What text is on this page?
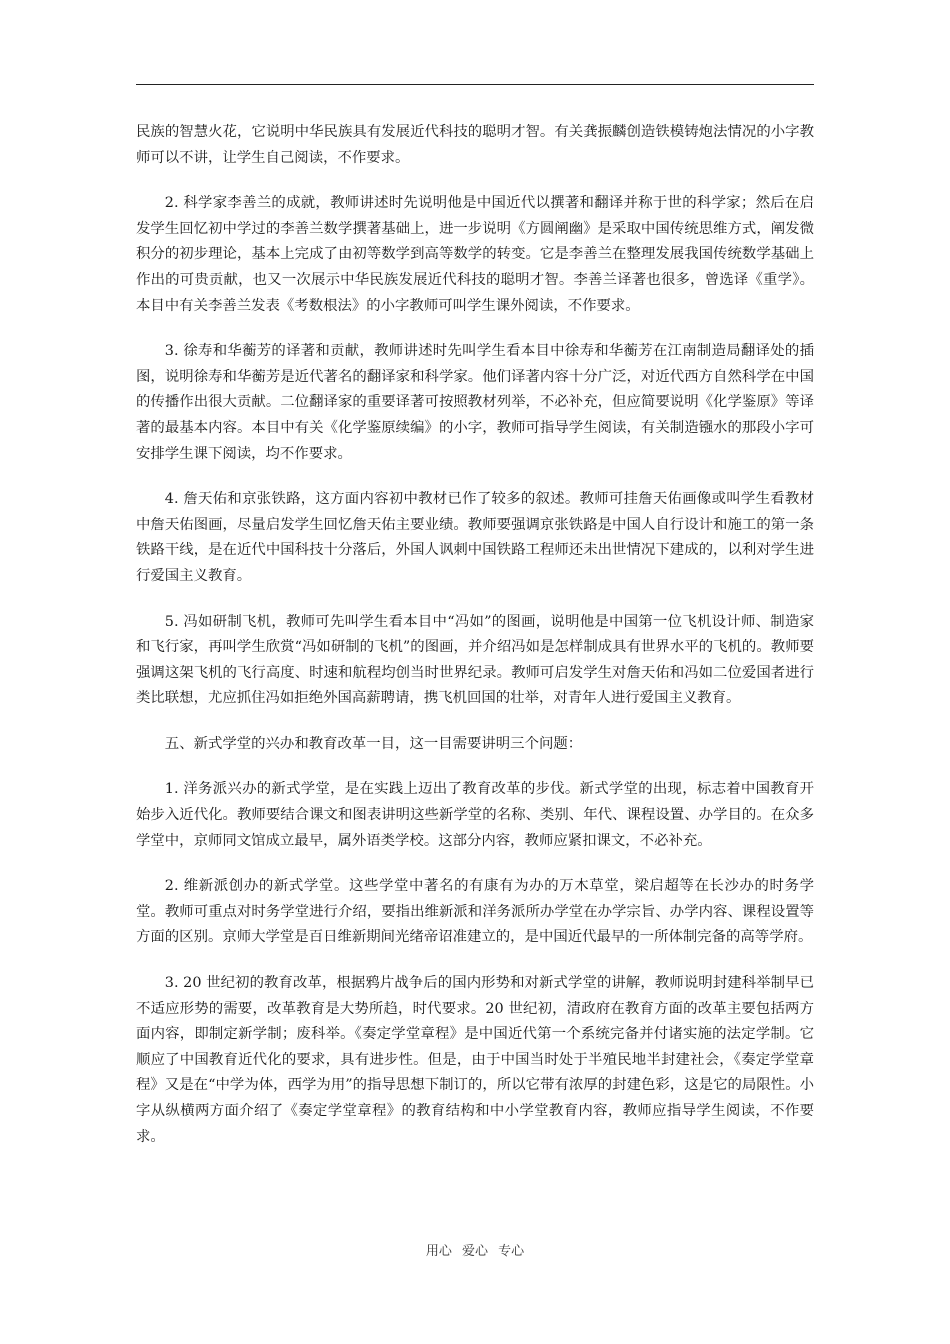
民族的智慧火花，它说明中华民族具有发展近代科技的聪明才智。有关龚振麟创造铁模铸炮法情况的小字教师可以不讲，让学生自己阅读，不作要求。

2. 科学家李善兰的成就，教师讲述时先说明他是中国近代以撰著和翻译并称于世的科学家；然后在启发学生回忆初中学过的李善兰数学撰著基础上，进一步说明《方圆阐幽》是采取中国传统思维方式，阐发微积分的初步理论，基本上完成了由初等数学到高等数学的转变。它是李善兰在整理发展我国传统数学基础上作出的可贵贡献，也又一次展示中华民族发展近代科技的聪明才智。李善兰译著也很多，曾选译《重学》。本目中有关李善兰发表《考数根法》的小字教师可叫学生课外阅读，不作要求。

3. 徐寿和华蘅芳的译著和贡献，教师讲述时先叫学生看本目中徐寿和华蘅芳在江南制造局翻译处的插图，说明徐寿和华蘅芳是近代著名的翻译家和科学家。他们译著内容十分广泛，对近代西方自然科学在中国的传播作出很大贡献。二位翻译家的重要译著可按照教材列举，不必补充，但应简要说明《化学鉴原》等译著的最基本内容。本目中有关《化学鉴原续编》的小字，教师可指导学生阅读，有关制造镪水的那段小字可安排学生课下阅读，均不作要求。

4. 詹天佑和京张铁路，这方面内容初中教材已作了较多的叙述。教师可挂詹天佑画像或叫学生看教材中詹天佑图画，尽量启发学生回忆詹天佑主要业绩。教师要强调京张铁路是中国人自行设计和施工的第一条铁路干线，是在近代中国科技十分落后，外国人讽刺中国铁路工程师还未出世情况下建成的，以利对学生进行爱国主义教育。

5. 冯如研制飞机，教师可先叫学生看本目中“冯如”的图画，说明他是中国第一位飞机设计师、制造家和飞行家，再叫学生欣赏“冯如研制的飞机”的图画，并介绍冯如是怎样制成具有世界水平的飞机的。教师要强调这架飞机的飞行高度、时速和航程均创当时世界纪录。教师可启发学生对詹天佑和冯如二位爱国者进行类比联想，尤应抓住冯如拒绝外国高薪聘请，携飞机回国的壮举，对青年人进行爱国主义教育。

五、新式学堂的兴办和教育改革一目，这一目需要讲明三个问题：

1. 洋务派兴办的新式学堂，是在实践上迈出了教育改革的步伐。新式学堂的出现，标志着中国教育开始步入近代化。教师要结合课文和图表讲明这些新学堂的名称、类别、年代、课程设置、办学目的。在众多学堂中，京师同文馆成立最早，属外语类学校。这部分内容，教师应紧扣课文，不必补充。

2. 维新派创办的新式学堂。这些学堂中著名的有康有为办的万木草堂，梁启超等在长沙办的时务学堂。教师可重点对时务学堂进行介绍，要指出维新派和洋务派所办学堂在办学宗旨、办学内容、课程设置等方面的区别。京师大学堂是百日维新期间光绪帝诏准建立的，是中国近代最早的一所体制完备的高等学府。

3. 20 世纪初的教育改革，根据鸦片战争后的国内形势和对新式学堂的讲解，教师说明封建科举制早已不适应形势的需要，改革教育是大势所趋，时代要求。20 世纪初，清政府在教育方面的改革主要包括两方面内容，即制定新学制；废科举。《奏定学堂章程》是中国近代第一个系统完备并付诸实施的法定学制。它顺应了中国教育近代化的要求，具有进步性。但是，由于中国当时处于半殖民地半封建社会，《奏定学堂章程》又是在“中学为体，西学为用”的指导思想下制订的，所以它带有浓厚的封建色彩，这是它的局限性。小字从纵横两方面介绍了《奏定学堂章程》的教育结构和中小学堂教育内容，教师应指导学生阅读，不作要求。

用心 爱心 专心
